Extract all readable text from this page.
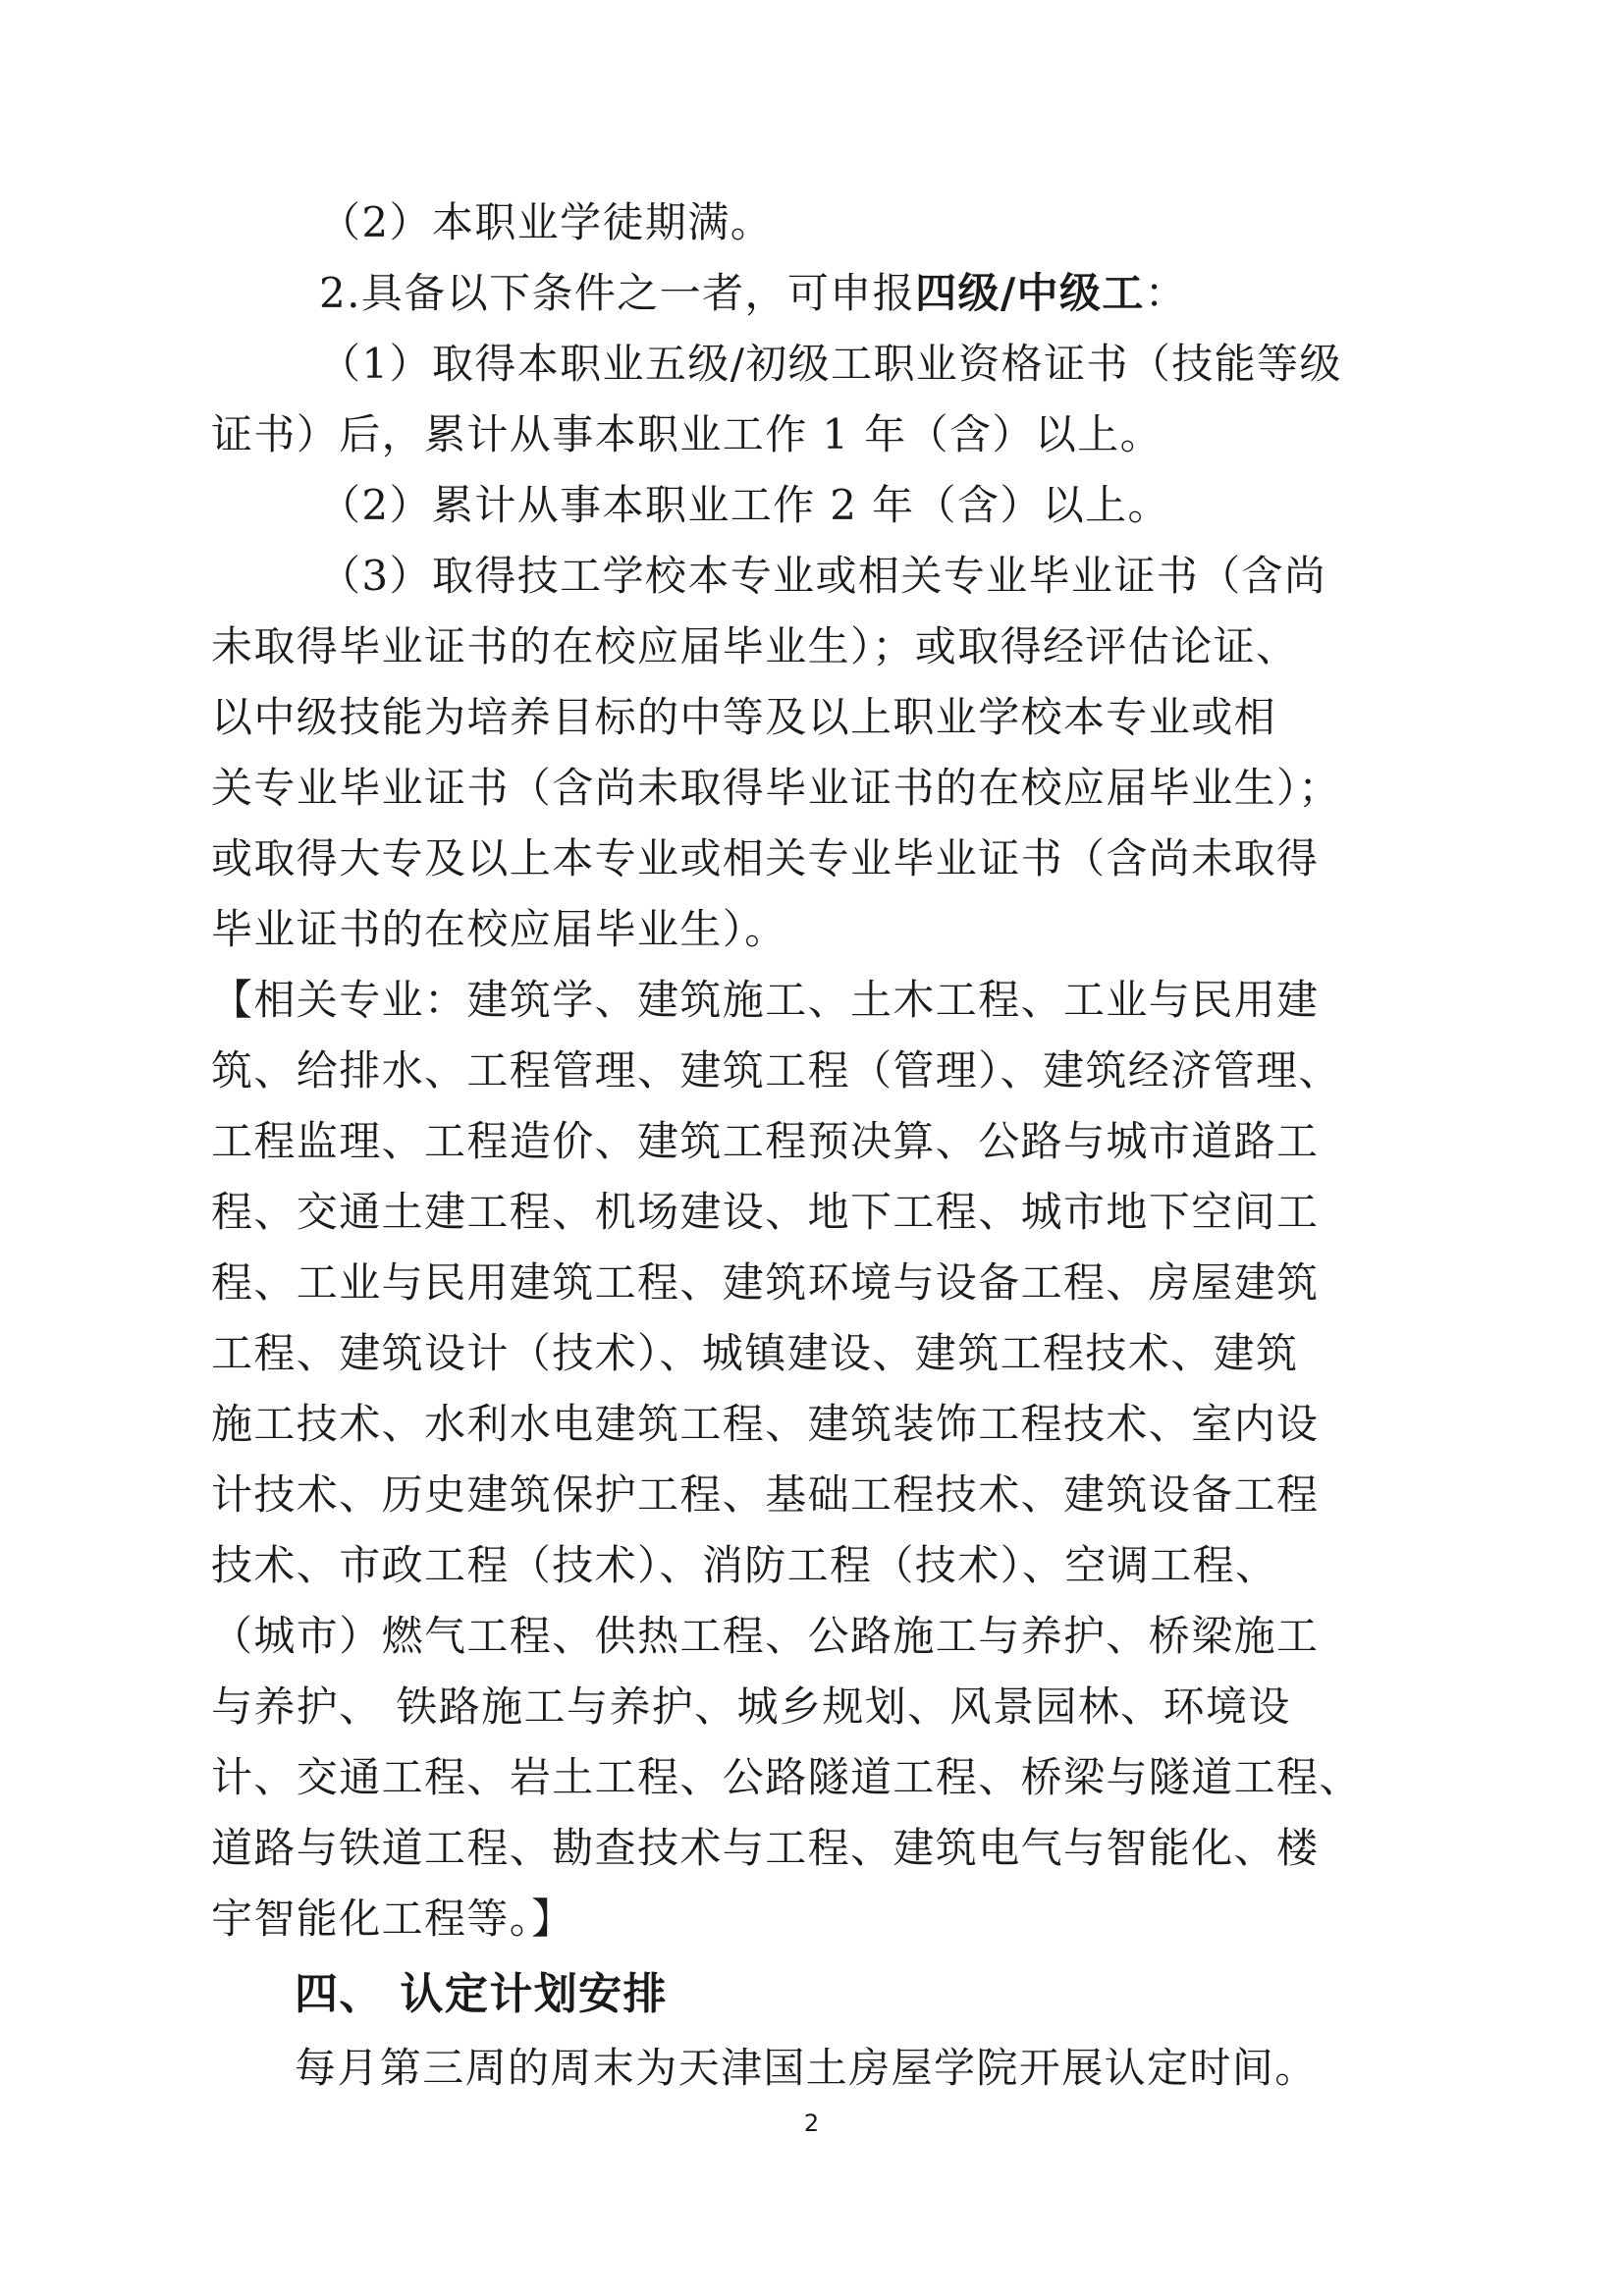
（2）本职业学徒期满。
2.具备以下条件之一者，可申报四级/中级工：
（1）取得本职业五级/初级工职业资格证书（技能等级
证书）后，累计从事本职业工作 1 年（含）以上。
（2）累计从事本职业工作 2 年（含）以上。
（3）取得技工学校本专业或相关专业毕业证书（含尚
未取得毕业证书的在校应届毕业生）；或取得经评估论证、
以中级技能为培养目标的中等及以上职业学校本专业或相
关专业毕业证书（含尚未取得毕业证书的在校应届毕业生）；
或取得大专及以上本专业或相关专业毕业证书（含尚未取得
毕业证书的在校应届毕业生）。
【相关专业：建筑学、建筑施工、土木工程、工业与民用建
筑、给排水、工程管理、建筑工程（管理）、建筑经济管理、
工程监理、工程造价、建筑工程预决算、公路与城市道路工
程、交通土建工程、机场建设、地下工程、城市地下空间工
程、工业与民用建筑工程、建筑环境与设备工程、房屋建筑
工程、建筑设计（技术）、城镇建设、建筑工程技术、建筑
施工技术、水利水电建筑工程、建筑装饰工程技术、室内设
计技术、历史建筑保护工程、基础工程技术、建筑设备工程
技术、市政工程（技术）、消防工程（技术）、空调工程、
（城市）燃气工程、供热工程、公路施工与养护、桥梁施工
与养护、 铁路施工与养护、城乡规划、风景园林、环境设
计、交通工程、岩土工程、公路隧道工程、桥梁与隧道工程、
道路与铁道工程、勘查技术与工程、建筑电气与智能化、楼
宇智能化工程等。】
四、 认定计划安排
每月第三周的周末为天津国土房屋学院开展认定时间。
2
